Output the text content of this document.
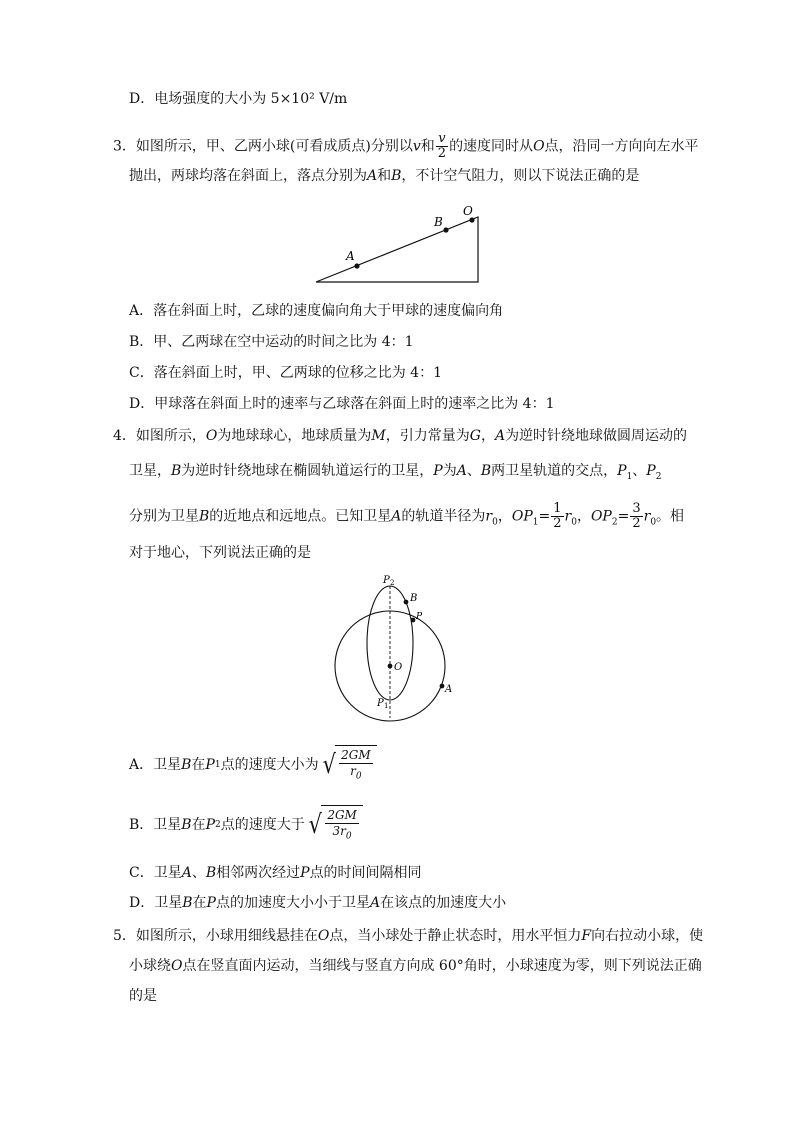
D．电场强度的大小为 5×10² V/m
3．如图所示，甲、乙两小球(可看成质点)分别以v和 $\frac{v}{2}$ 的速度同时从O点，沿同一方向向左水平
抛出，两球均落在斜面上，落点分别为A和B，不计空气阻力，则以下说法正确的是
A
B
O
A．落在斜面上时，乙球的速度偏向角大于甲球的速度偏向角
B．甲、乙两球在空中运动的时间之比为 4：1
C．落在斜面上时，甲、乙两球的位移之比为 4：1
D．甲球落在斜面上时的速率与乙球落在斜面上时的速率之比为 4：1
4．如图所示，O为地球球心，地球质量为M，引力常量为G，A为逆时针绕地球做圆周运动的
卫星，B为逆时针绕地球在椭圆轨道运行的卫星，P为A、B两卫星轨道的交点，$P_1$、$P_2$
分别为卫星B的近地点和远地点。已知卫星A的轨道半径为$r_0$，$OP_1= \frac{1}{2} r_0$，$OP_2= \frac{3}{2} r_0$。相
对于地心，下列说法正确的是
P 2
B
P
O
A
P 1
A．卫星 B 在 P 1 点的速度大小为 √ 2GM
$r_0$
B．卫星 B 在 P 2 点的速度大于 √ 2GM
$3r_0$
C．卫星A、B相邻两次经过P点的时间间隔相同
D．卫星B在P点的加速度大小小于卫星A在该点的加速度大小
5．如图所示，小球用细线悬挂在O点，当小球处于静止状态时，用水平恒力F向右拉动小球，使
小球绕O点在竖直面内运动，当细线与竖直方向成 60°角时，小球速度为零，则下列说法正确
的是
